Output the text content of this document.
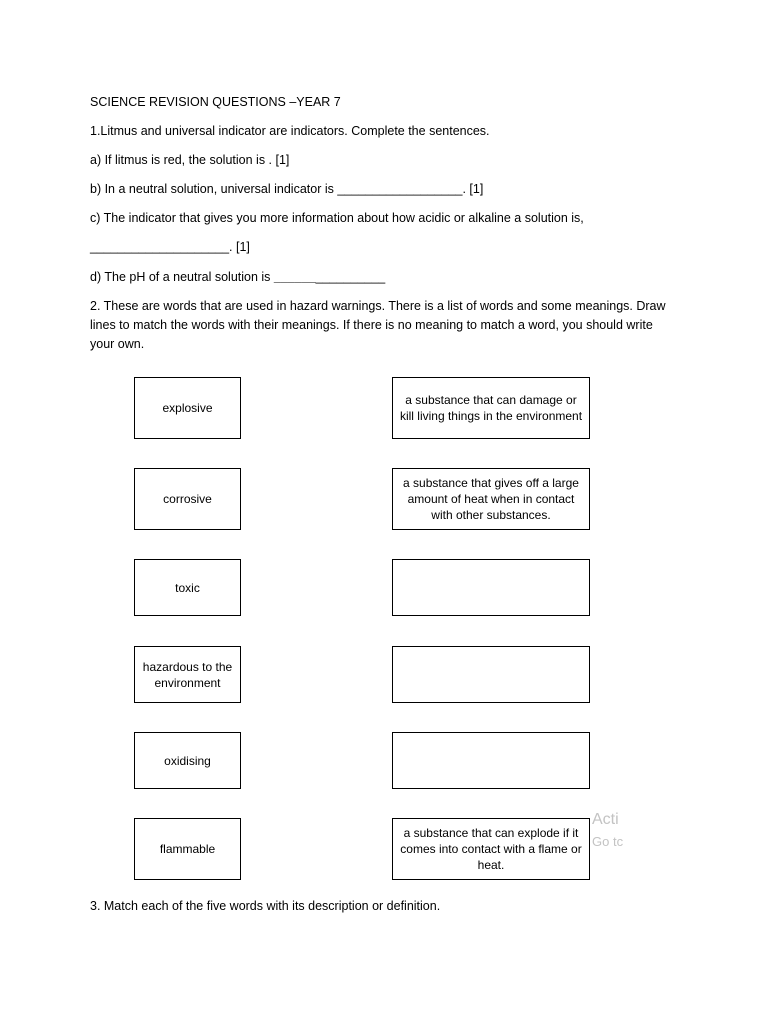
SCIENCE REVISION QUESTIONS –YEAR 7
1.Litmus and universal indicator are indicators. Complete the sentences.
a) If litmus is red, the solution is . [1]
b) In a neutral solution, universal indicator is __________________. [1]
c) The indicator that gives you more information about how acidic or alkaline a solution is,
____________________. [1]
d) The pH of a neutral solution is ________________
2. These are words that are used in hazard warnings. There is a list of words and some meanings. Draw lines to match the words with their meanings. If there is no meaning to match a word, you should write your own.
explosive
corrosive
toxic
hazardous to the environment
oxidising
flammable
a substance that can damage or kill living things in the environment
a substance that gives off a large amount of heat when in contact with other substances.
a substance that can explode if it comes into contact with a flame or heat.
Acti
Go tc
3. Match each of the five words with its description or definition.
